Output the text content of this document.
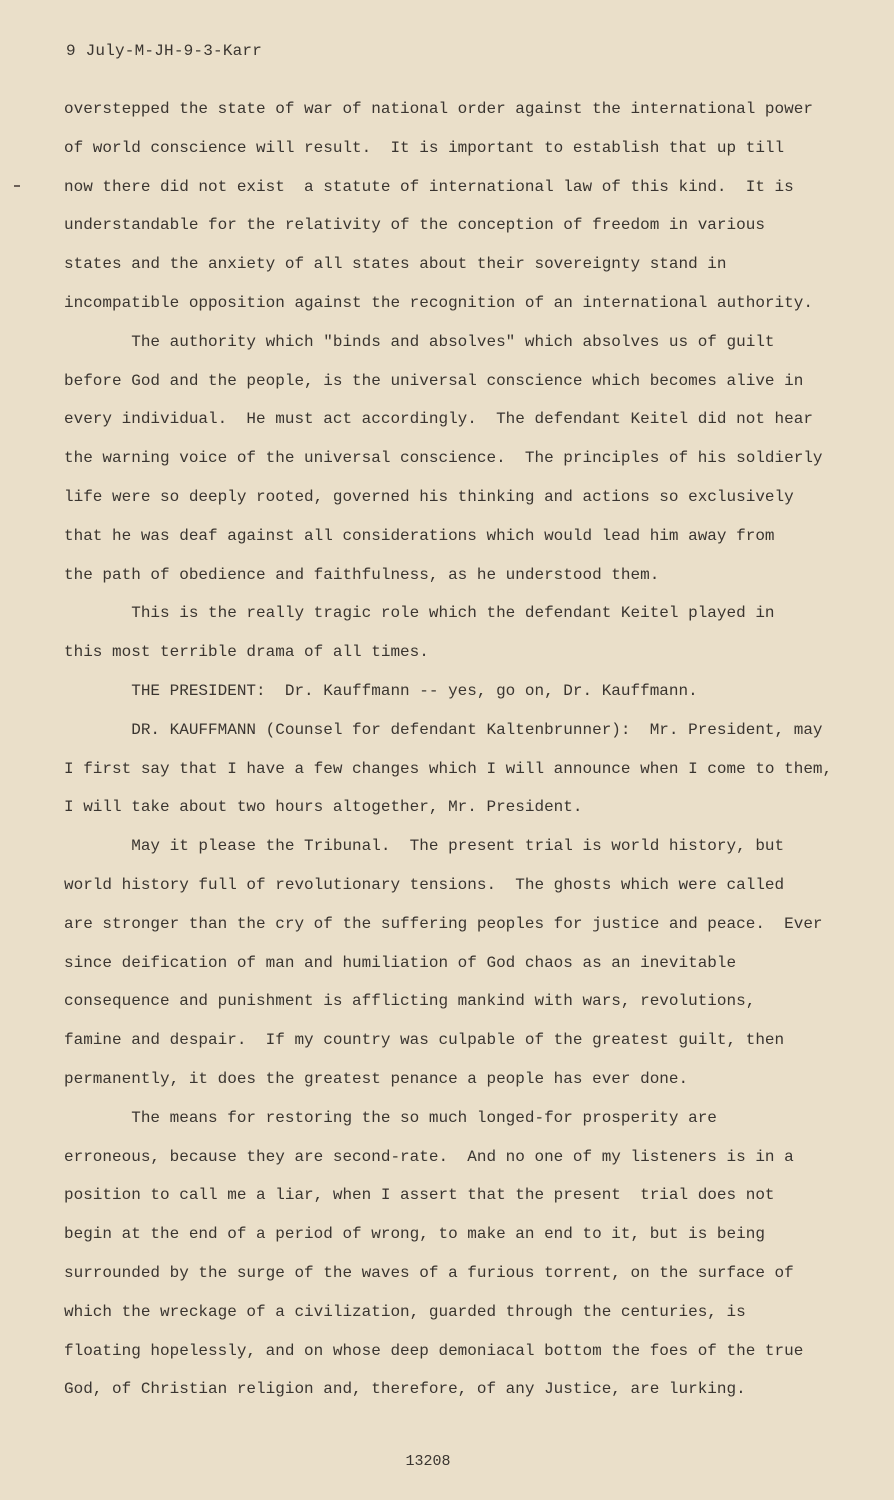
9 July-M-JH-9-3-Karr
overstepped the state of war of national order against the international power
of world conscience will result.  It is important to establish that up till
now there did not exist  a statute of international law of this kind.  It is
understandable for the relativity of the conception of freedom in various
states and the anxiety of all states about their sovereignty stand in
incompatible opposition against the recognition of an international authority.
The authority which "binds and absolves" which absolves us of guilt
before God and the people, is the universal conscience which becomes alive in
every individual.  He must act accordingly.  The defendant Keitel did not hear
the warning voice of the universal conscience.  The principles of his soldierly
life were so deeply rooted, governed his thinking and actions so exclusively
that he was deaf against all considerations which would lead him away from
the path of obedience and faithfulness, as he understood them.
This is the really tragic role which the defendant Keitel played in
this most terrible drama of all times.
THE PRESIDENT:  Dr. Kauffmann -- yes, go on, Dr. Kauffmann.
DR. KAUFFMANN (Counsel for defendant Kaltenbrunner):  Mr. President, may
I first say that I have a few changes which I will announce when I come to them,
I will take about two hours altogether, Mr. President.
May it please the Tribunal.  The present trial is world history, but
world history full of revolutionary tensions.  The ghosts which were called
are stronger than the cry of the suffering peoples for justice and peace.  Ever
since deification of man and humiliation of God chaos as an inevitable
consequence and punishment is afflicting mankind with wars, revolutions,
famine and despair.  If my country was culpable of the greatest guilt, then
permanently, it does the greatest penance a people has ever done.
The means for restoring the so much longed-for prosperity are
erroneous, because they are second-rate.  And no one of my listeners is in a
position to call me a liar, when I assert that the present  trial does not
begin at the end of a period of wrong, to make an end to it, but is being
surrounded by the surge of the waves of a furious torrent, on the surface of
which the wreckage of a civilization, guarded through the centuries, is
floating hopelessly, and on whose deep demoniacal bottom the foes of the true
God, of Christian religion and, therefore, of any Justice, are lurking.
13208
